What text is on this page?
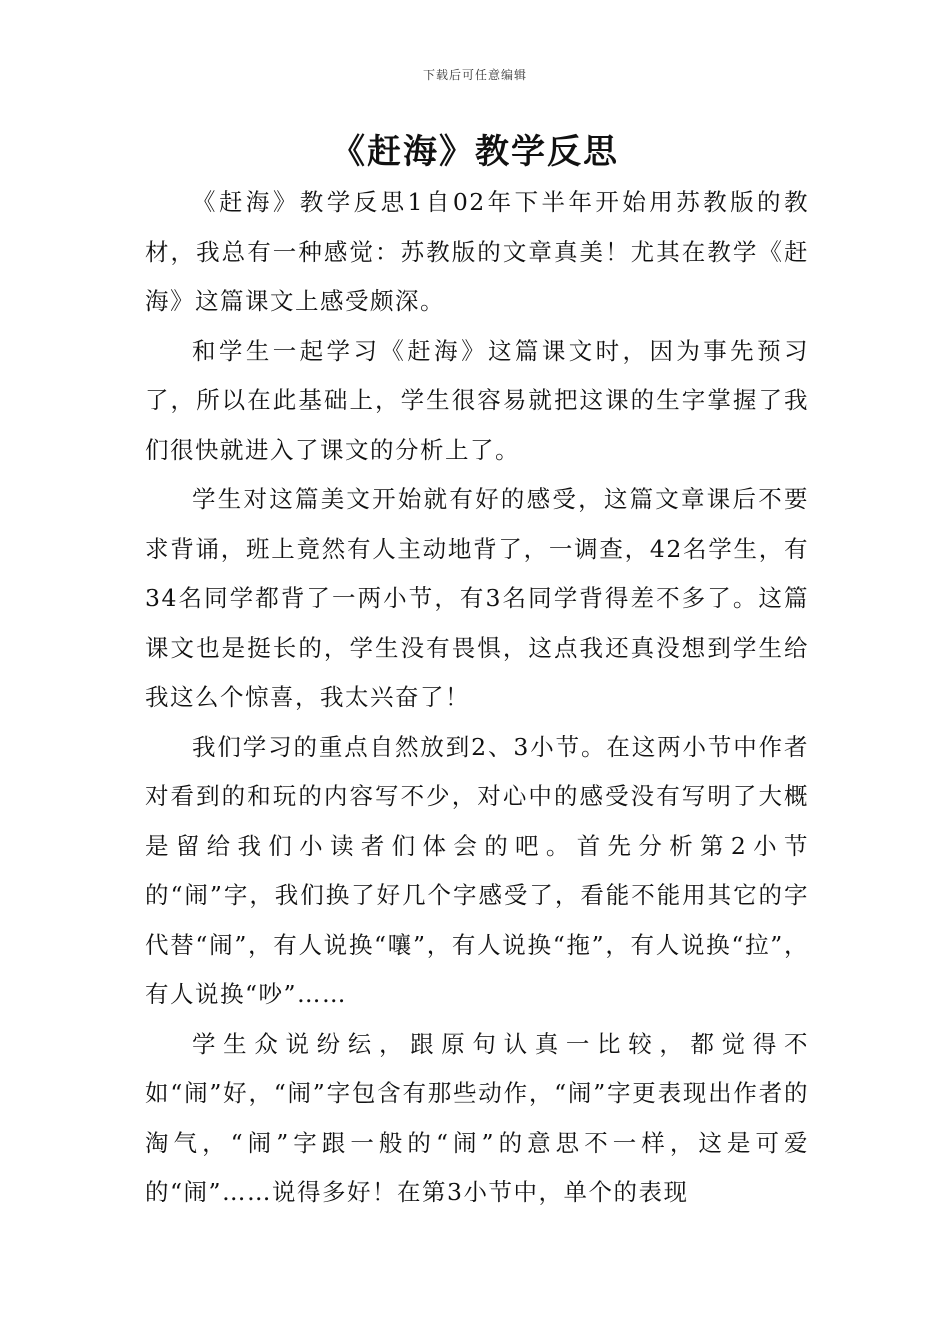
下载后可任意编辑
《赶海》教学反思

《赶海》教学反思1自02年下半年开始用苏教版的教材，我总有一种感觉：苏教版的文章真美！尤其在教学《赶海》这篇课文上感受颇深。

和学生一起学习《赶海》这篇课文时，因为事先预习了，所以在此基础上，学生很容易就把这课的生字掌握了我们很快就进入了课文的分析上了。

学生对这篇美文开始就有好的感受，这篇文章课后不要求背诵，班上竟然有人主动地背了，一调查，42名学生，有34名同学都背了一两小节，有3名同学背得差不多了。这篇课文也是挺长的，学生没有畏惧，这点我还真没想到学生给我这么个惊喜，我太兴奋了！

我们学习的重点自然放到2、3小节。在这两小节中作者对看到的和玩的内容写不少，对心中的感受没有写明了大概是留给我们小读者们体会的吧。首先分析第2小节的“闹”字，我们换了好几个字感受了，看能不能用其它的字代替“闹”，有人说换“嚷”，有人说换“拖”，有人说换“拉”，有人说换“吵”……

学生众说纷纭，跟原句认真一比较，都觉得不如“闹”好，“闹”字包含有那些动作，“闹”字更表现出作者的淘气，“闹”字跟一般的“闹”的意思不一样，这是可爱的“闹”……说得多好！在第3小节中，单个的表现
